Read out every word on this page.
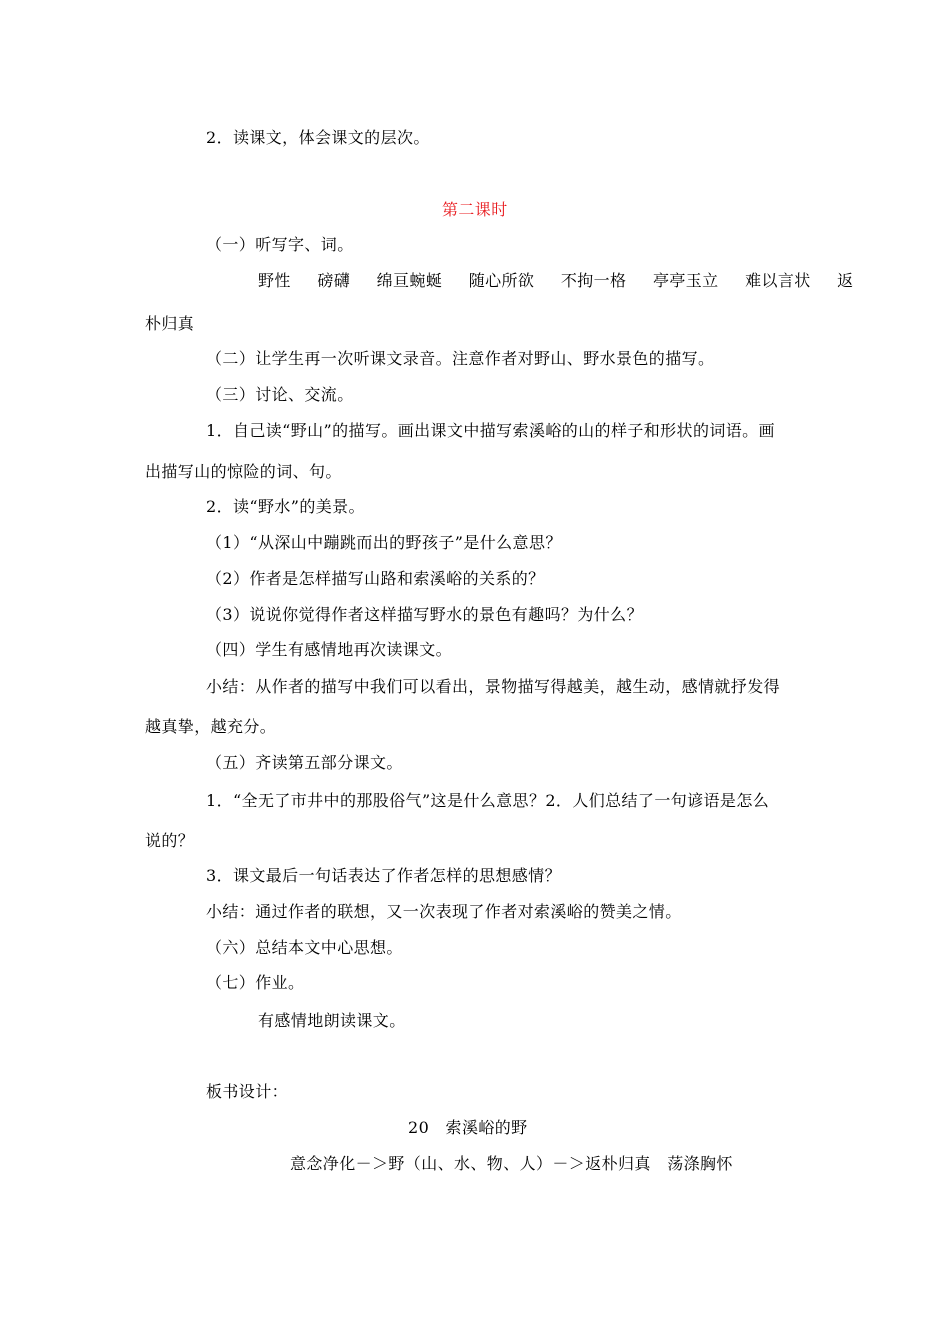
2．读课文，体会课文的层次。
第二课时
（一）听写字、词。
野性 磅礴 绵亘蜿蜒 随心所欲 不拘一格 亭亭玉立 难以言状 返
朴归真
（二）让学生再一次听课文录音。注意作者对野山、野水景色的描写。
（三）讨论、交流。
1．自己读“野山”的描写。画出课文中描写索溪峪的山的样子和形状的词语。画
出描写山的惊险的词、句。
2．读“野水”的美景。
（1）“从深山中蹦跳而出的野孩子”是什么意思？
（2）作者是怎样描写山路和索溪峪的关系的？
（3）说说你觉得作者这样描写野水的景色有趣吗？为什么？
（四）学生有感情地再次读课文。
小结：从作者的描写中我们可以看出，景物描写得越美，越生动，感情就抒发得
越真挚，越充分。
（五）齐读第五部分课文。
1．“全无了市井中的那股俗气”这是什么意思？2．人们总结了一句谚语是怎么
说的？
3．课文最后一句话表达了作者怎样的思想感情？
小结：通过作者的联想，又一次表现了作者对索溪峪的赞美之情。
（六）总结本文中心思想。
（七）作业。
有感情地朗读课文。
板书设计：
20　索溪峪的野
意念净化－＞野（山、水、物、人）－＞返朴归真　荡涤胸怀
